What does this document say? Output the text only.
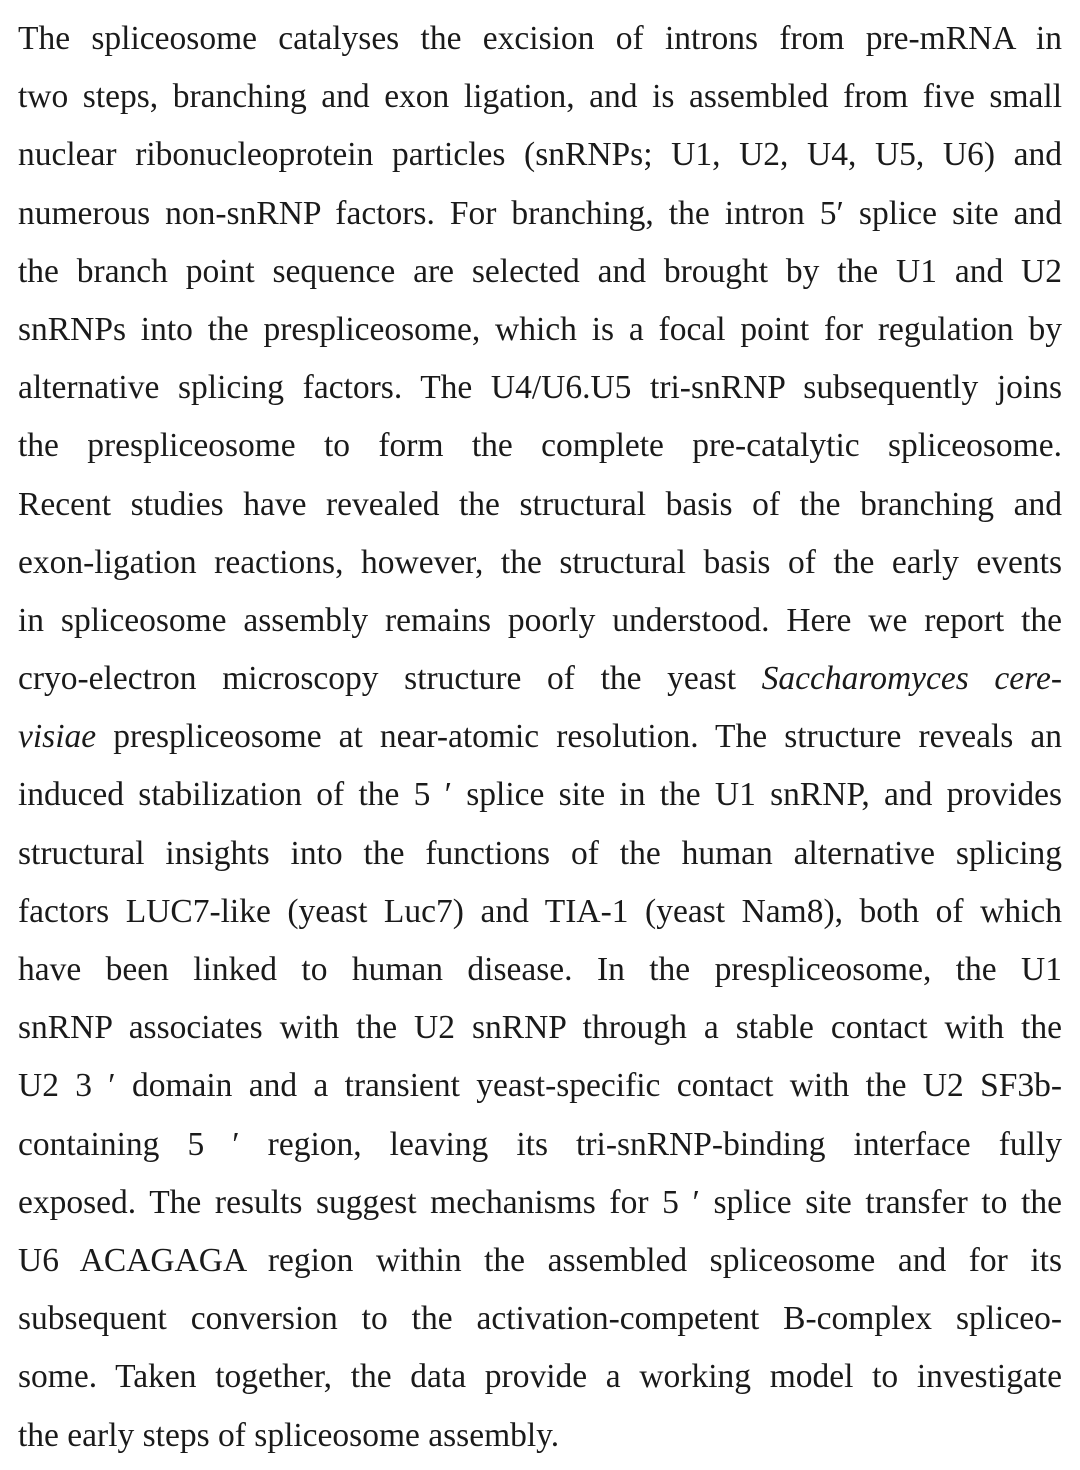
The spliceosome catalyses the excision of introns from pre-mRNA in
two steps, branching and exon ligation, and is assembled from five small
nuclear ribonucleoprotein particles (snRNPs; U1, U2, U4, U5, U6) and
numerous non-snRNP factors. For branching, the intron 5′ splice site and
the branch point sequence are selected and brought by the U1 and U2
snRNPs into the prespliceosome, which is a focal point for regulation by
alternative splicing factors. The U4/U6.U5 tri-snRNP subsequently joins
the prespliceosome to form the complete pre-catalytic spliceosome.
Recent studies have revealed the structural basis of the branching and
exon-ligation reactions, however, the structural basis of the early events
in spliceosome assembly remains poorly understood. Here we report the
cryo-electron microscopy structure of the yeast Saccharomyces cere-
visiae prespliceosome at near-atomic resolution. The structure reveals an
induced stabilization of the 5 ′ splice site in the U1 snRNP, and provides
structural insights into the functions of the human alternative splicing
factors LUC7-like (yeast Luc7) and TIA-1 (yeast Nam8), both of which
have been linked to human disease. In the prespliceosome, the U1
snRNP associates with the U2 snRNP through a stable contact with the
U2 3 ′ domain and a transient yeast-specific contact with the U2 SF3b-
containing 5 ′ region, leaving its tri-snRNP-binding interface fully
exposed. The results suggest mechanisms for 5 ′ splice site transfer to the
U6 ACAGAGA region within the assembled spliceosome and for its
subsequent conversion to the activation-competent B-complex spliceo-
some. Taken together, the data provide a working model to investigate
the early steps of spliceosome assembly.
